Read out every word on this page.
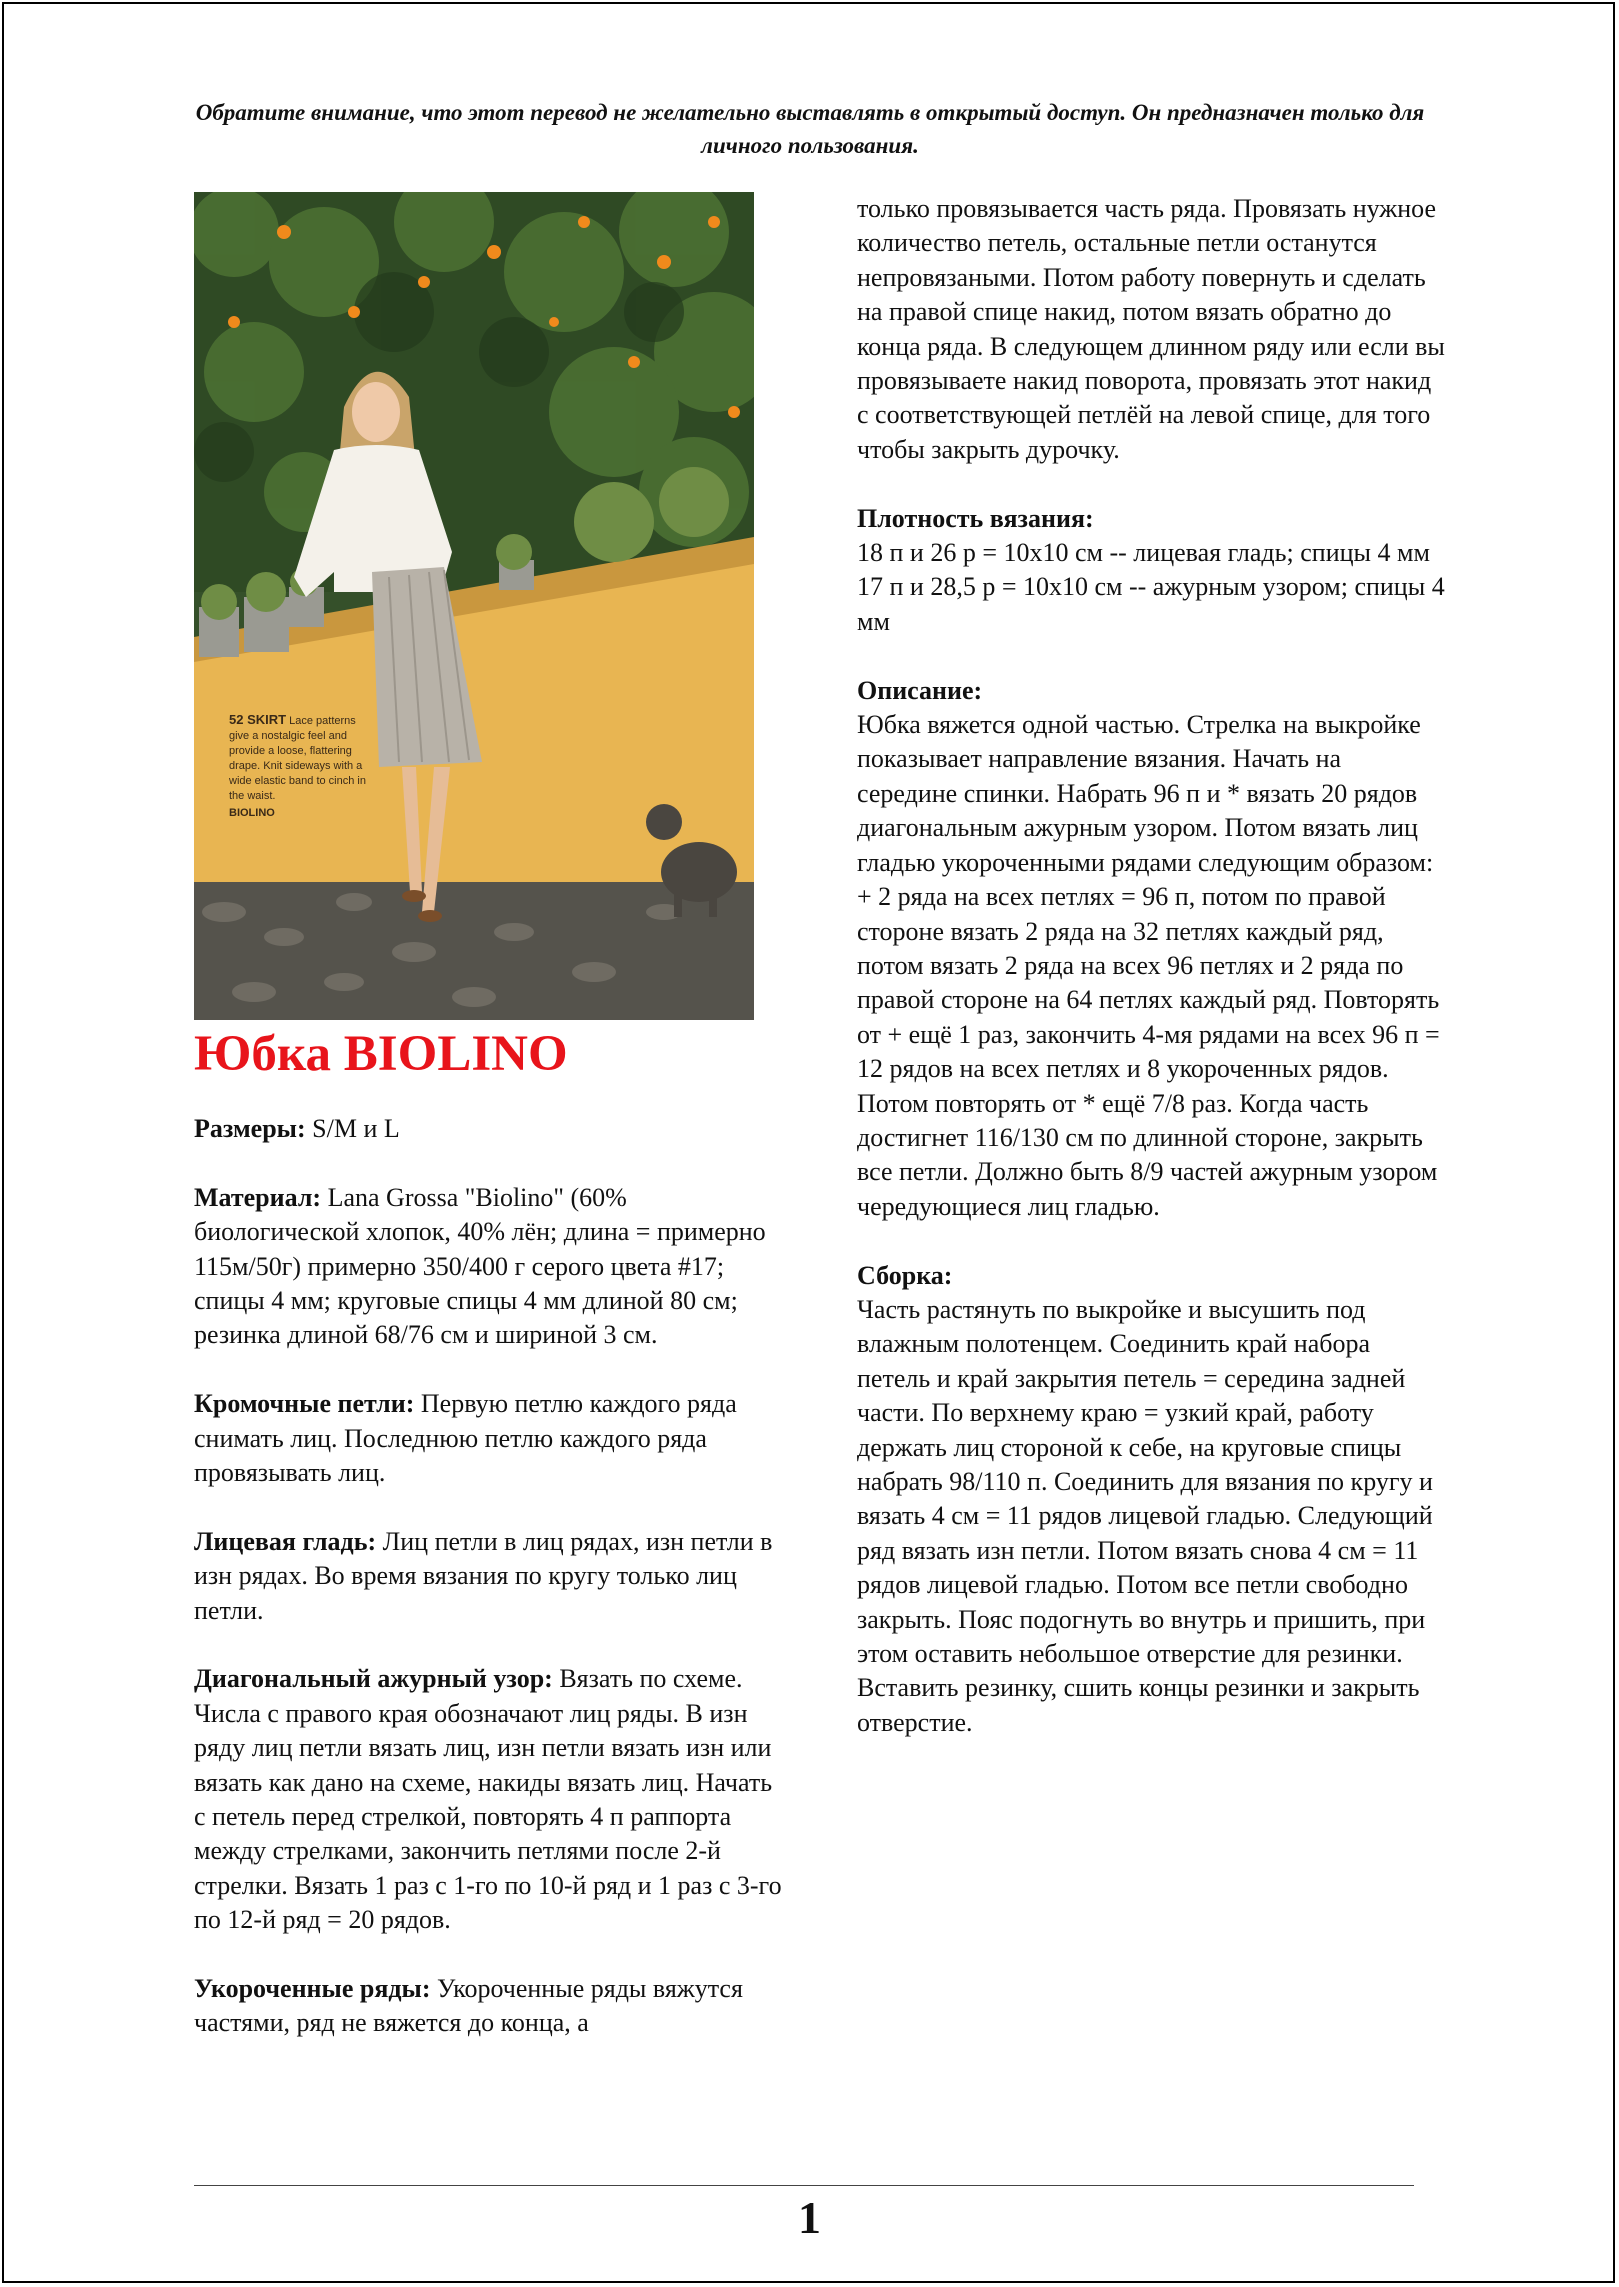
Обратите внимание, что этот перевод не желательно выставлять в открытый доступ. Он предназначен только для личного пользования.
52 SKIRT Lace patterns give a nostalgic feel and provide a loose, flattering drape. Knit sideways with a wide elastic band to cinch in the waist.
BIOLINO
Юбка BIOLINO

Размеры: S/M и L

Материал: Lana Grossa "Biolino" (60% биологической хлопок, 40% лён; длина = примерно 115м/50г) примерно 350/400 г серого цвета #17; спицы 4 мм; круговые спицы 4 мм длиной 80 см; резинка длиной 68/76 см и шириной 3 см.

Кромочные петли: Первую петлю каждого ряда снимать лиц. Последнюю петлю каждого ряда провязывать лиц.

Лицевая гладь: Лиц петли в лиц рядах, изн петли в изн рядах. Во время вязания по кругу только лиц петли.

Диагональный ажурный узор: Вязать по схеме. Числа с правого края обозначают лиц ряды. В изн ряду лиц петли вязать лиц, изн петли вязать изн или вязать как дано на схеме, накиды вязать лиц. Начать с петель перед стрелкой, повторять 4 п раппорта между стрелками, закончить петлями после 2-й стрелки. Вязать 1 раз с 1-го по 10-й ряд и 1 раз с 3-го по 12-й ряд = 20 рядов.

Укороченные ряды: Укороченные ряды вяжутся частями, ряд не вяжется до конца, а

только провязывается часть ряда. Провязать нужное количество петель, остальные петли останутся непровязаными. Потом работу повернуть и сделать на правой спице накид, потом вязать обратно до конца ряда. В следующем длинном ряду или если вы провязываете накид поворота, провязать этот накид с соответствующей петлёй на левой спице, для того чтобы закрыть дурочку.

Плотность вязания:
18 п и 26 р = 10x10 см -- лицевая гладь; спицы 4 мм
17 п и 28,5 р = 10x10 см -- ажурным узором; спицы 4 мм

Описание:
Юбка вяжется одной частью. Стрелка на выкройке показывает направление вязания. Начать на середине спинки. Набрать 96 п и * вязать 20 рядов диагональным ажурным узором. Потом вязать лиц гладью укороченными рядами следующим образом: + 2 ряда на всех петлях = 96 п, потом по правой стороне вязать 2 ряда на 32 петлях каждый ряд, потом вязать 2 ряда на всех 96 петлях и 2 ряда по правой стороне на 64 петлях каждый ряд. Повторять от + ещё 1 раз, закончить 4-мя рядами на всех 96 п = 12 рядов на всех петлях и 8 укороченных рядов. Потом повторять от * ещё 7/8 раз. Когда часть достигнет 116/130 см по длинной стороне, закрыть все петли. Должно быть 8/9 частей ажурным узором чередующиеся лиц гладью.

Сборка:
Часть растянуть по выкройке и высушить под влажным полотенцем. Соединить край набора петель и край закрытия петель = середина задней части. По верхнему краю = узкий край, работу держать лиц стороной к себе, на круговые спицы набрать 98/110 п. Соединить для вязания по кругу и вязать 4 см = 11 рядов лицевой гладью. Следующий ряд вязать изн петли. Потом вязать снова 4 см = 11 рядов лицевой гладью. Потом все петли свободно закрыть. Пояс подогнуть во внутрь и пришить, при этом оставить небольшое отверстие для резинки. Вставить резинку, сшить концы резинки и закрыть отверстие.

1
